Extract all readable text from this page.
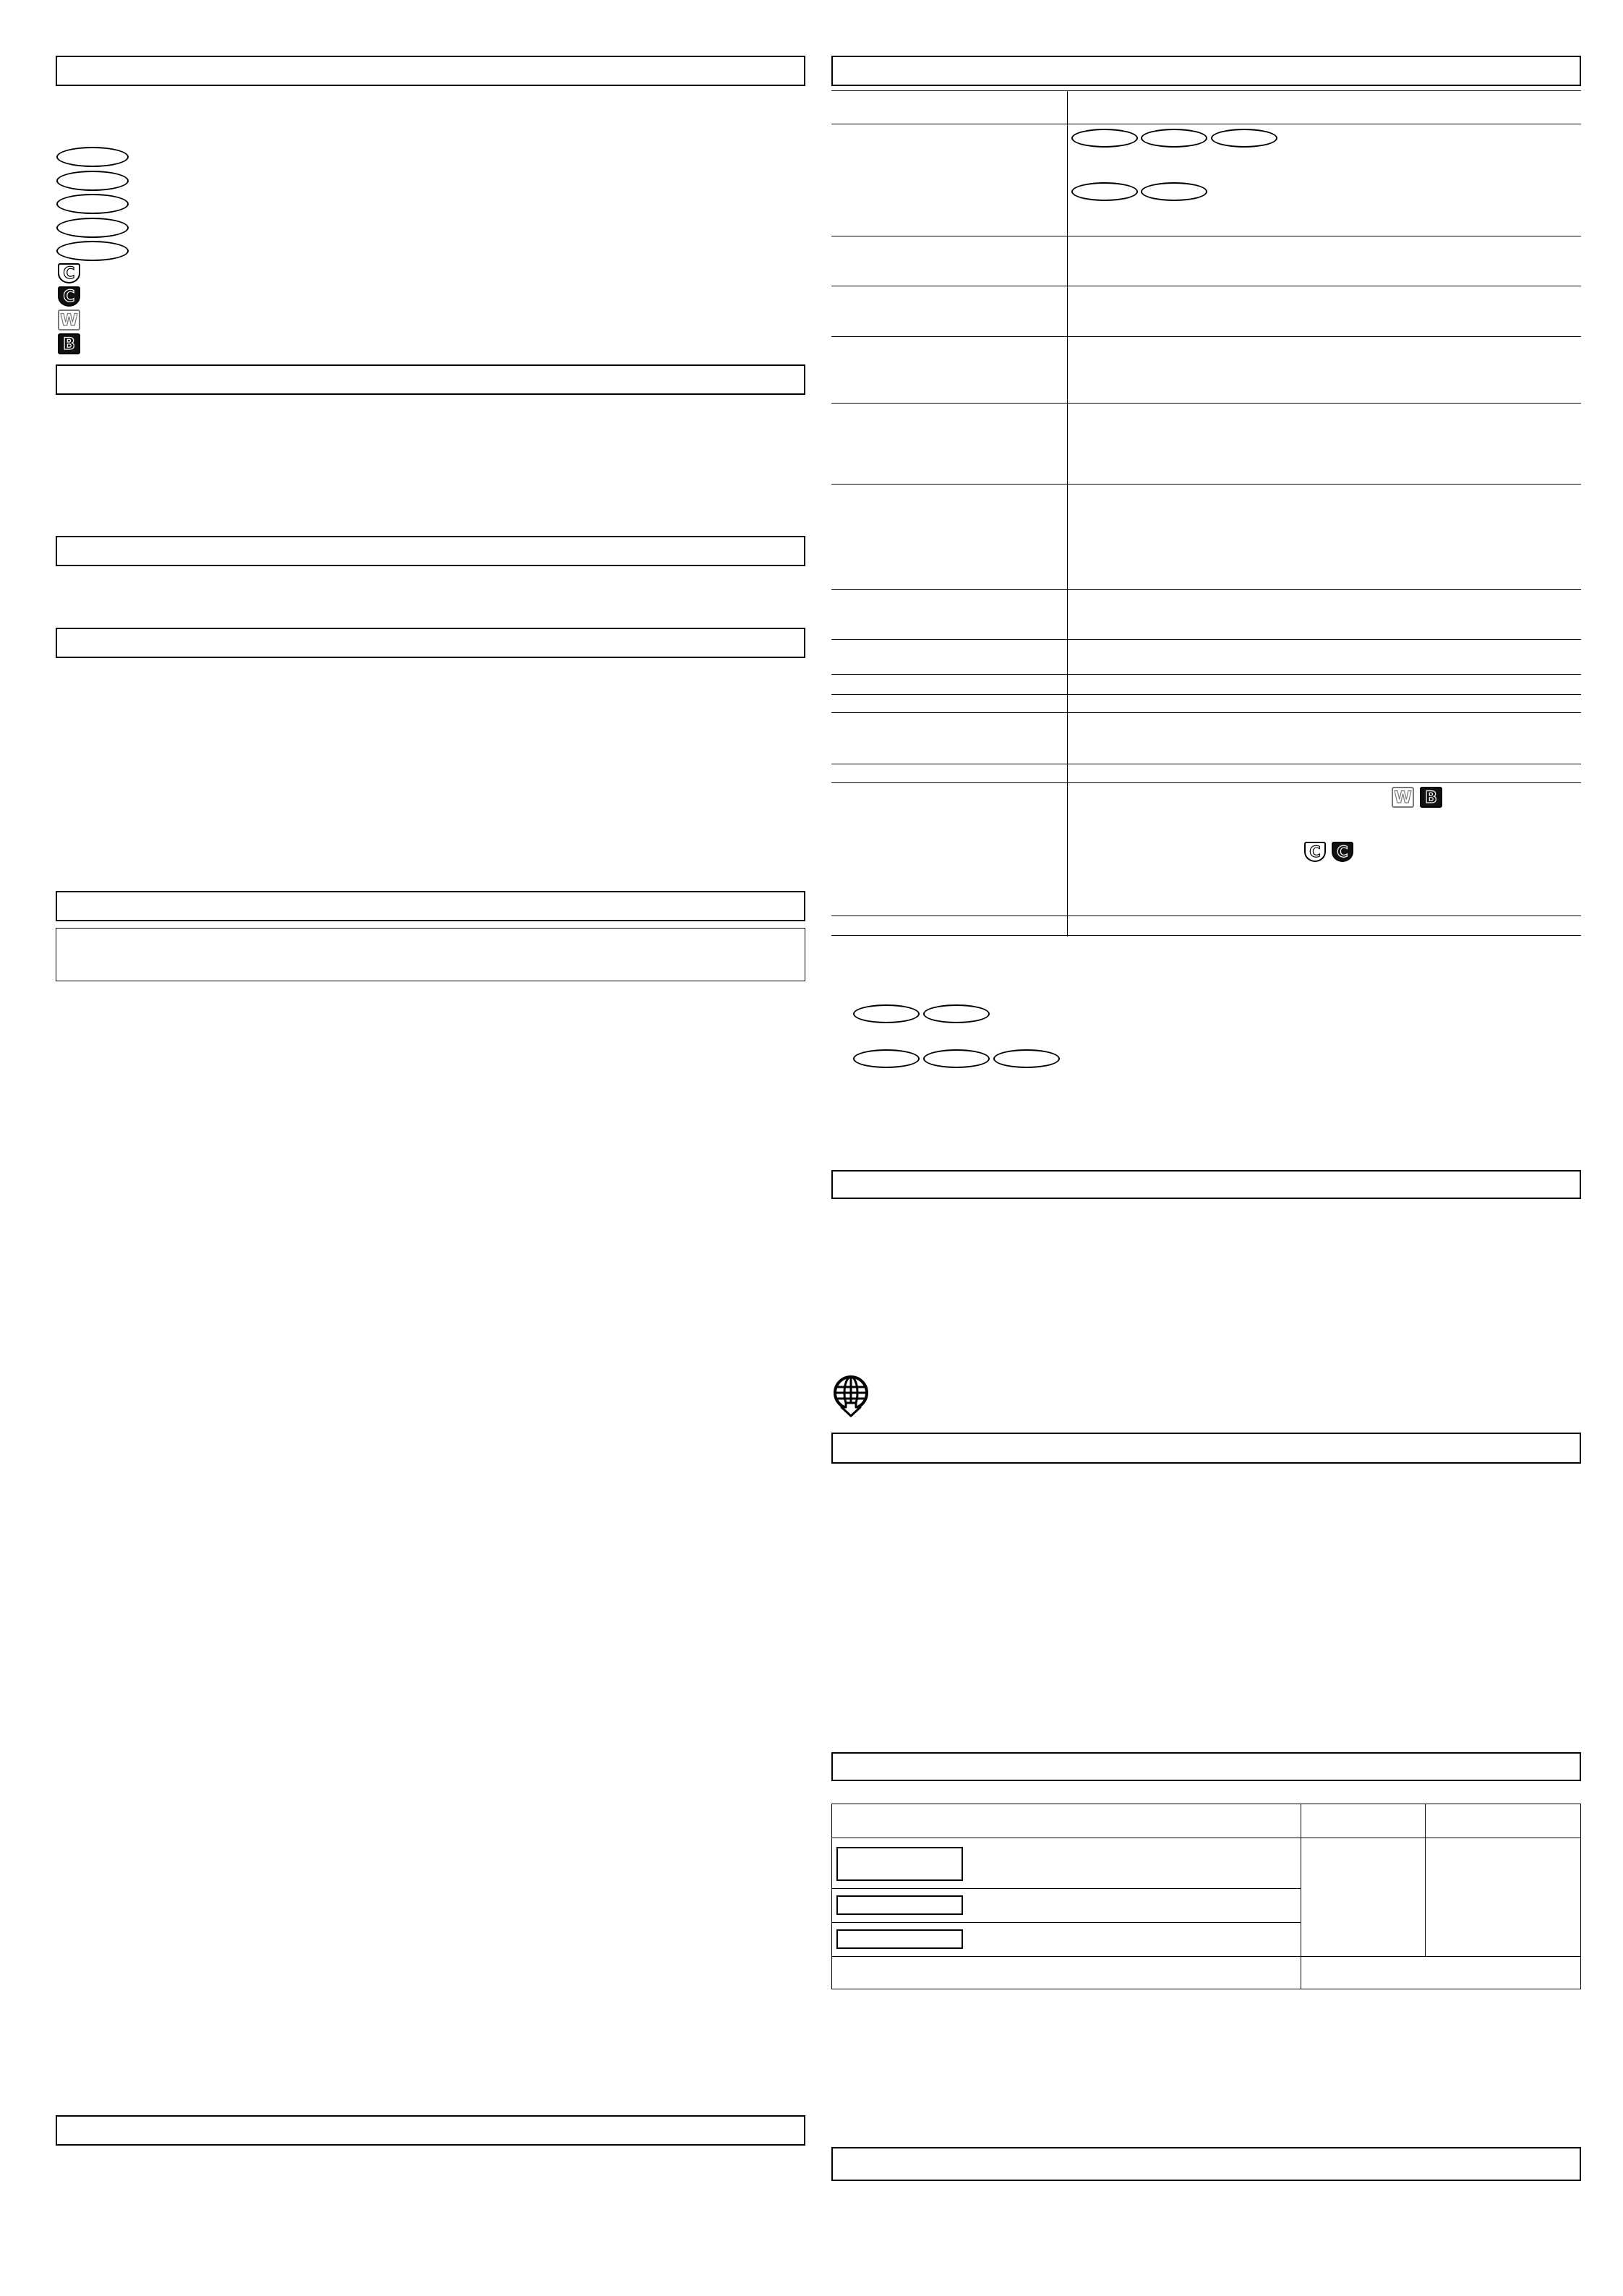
C
C
W
B
W B
C	C
